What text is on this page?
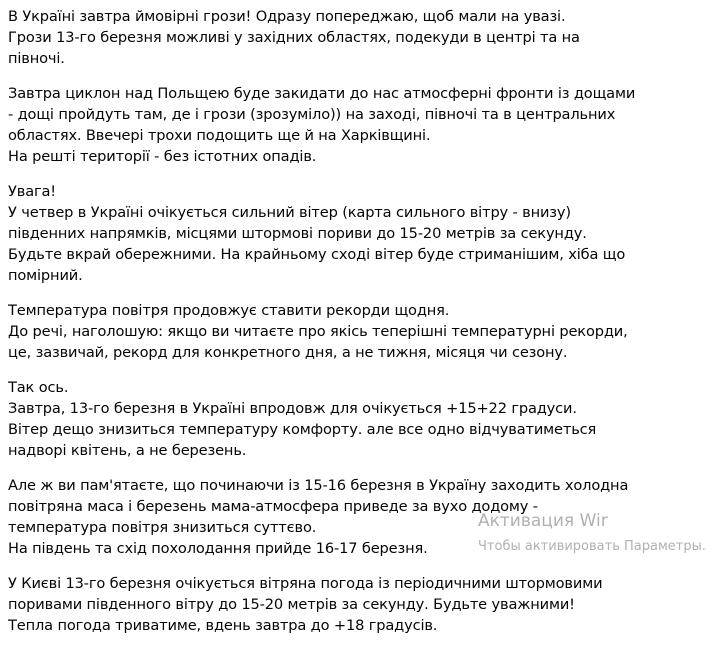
В Україні завтра ймовірні грози! Одразу попереджаю, щоб мали на увазі.
Грози 13-го березня можливі у західних областях, подекуди в центрі та на
півночі.

Завтра циклон над Польщею буде закидати до нас атмосферні фронти із дощами
- дощі пройдуть там, де і грози (зрозуміло)) на заході, півночі та в центральних
областях. Ввечері трохи подощить ще й на Харківщині.
На решті території - без істотних опадів.

Увага!
У четвер в Україні очікується сильний вітер (карта сильного вітру - внизу)
південних напрямків, місцями штормові пориви до 15-20 метрів за секунду.
Будьте вкрай обережними. На крайньому сході вітер буде стриманішим, хіба що
помірний.

Температура повітря продовжує ставити рекорди щодня.
До речі, наголошую: якщо ви читаєте про якісь теперішні температурні рекорди,
це, зазвичай, рекорд для конкретного дня, а не тижня, місяця чи сезону.

Так ось.
Завтра, 13-го березня в Україні впродовж для очікується +15+22 градуси.
Вітер дещо знизиться температуру комфорту. але все одно відчуватиметься
надворі квітень, а не березень.

Але ж ви пам'ятаєте, що починаючи із 15-16 березня в Україну заходить холодна
повітряна маса і березень мама-атмосфера приведе за вухо додому -
температура повітря знизиться суттєво.
На південь та схід похолодання прийде 16-17 березня.

У Києві 13-го березня очікується вітряна погода із періодичними штормовими
поривами південного вітру до 15-20 метрів за секунду. Будьте уважними!
Тепла погода триватиме, вдень завтра до +18 градусів.

Активация Wir
Чтобы активировать Параметры.
